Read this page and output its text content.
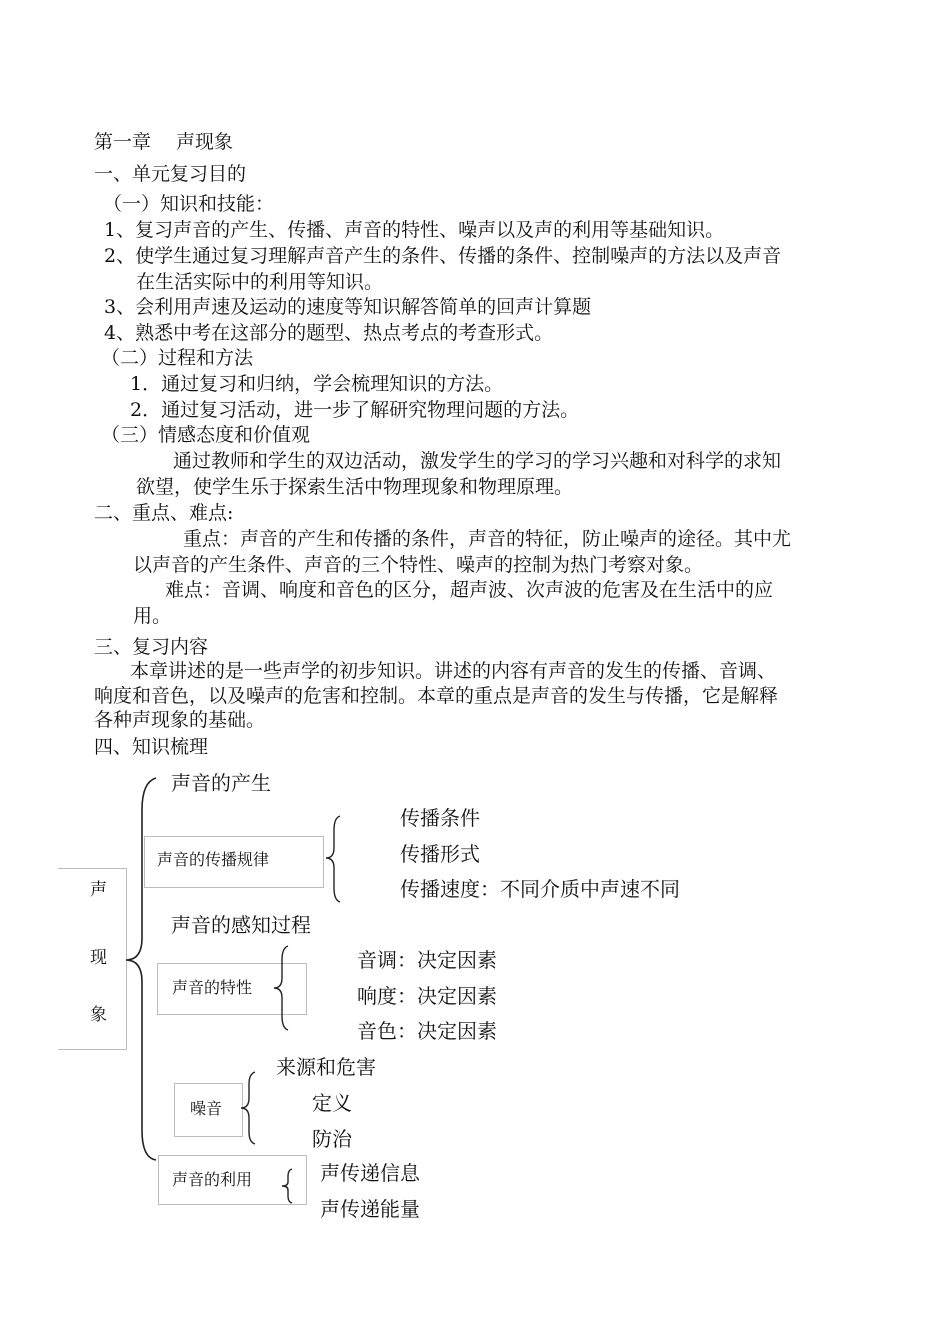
第一章　 声现象
一、单元复习目的
（一）知识和技能：
1、复习声音的产生、传播、声音的特性、噪声以及声的利用等基础知识。
2、使学生通过复习理解声音产生的条件、传播的条件、控制噪声的方法以及声音
在生活实际中的利用等知识。
3、会利用声速及运动的速度等知识解答简单的回声计算题
4、熟悉中考在这部分的题型、热点考点的考查形式。
（二）过程和方法
1．通过复习和归纳，学会梳理知识的方法。
2．通过复习活动，进一步了解研究物理问题的方法。
（三）情感态度和价值观
通过教师和学生的双边活动，激发学生的学习的学习兴趣和对科学的求知
欲望，使学生乐于探索生活中物理现象和物理原理。
二、重点、难点:
重点：声音的产生和传播的条件，声音的特征，防止噪声的途径。其中尤
以声音的产生条件、声音的三个特性、噪声的控制为热门考察对象。
难点：音调、响度和音色的区分，超声波、次声波的危害及在生活中的应
用。
三、复习内容
本章讲述的是一些声学的初步知识。讲述的内容有声音的发生的传播、音调、
响度和音色，以及噪声的危害和控制。本章的重点是声音的发生与传播，它是解释
各种声现象的基础。
四、知识梳理
声
现
象
声音的产生
声音的传播规律
传播条件
传播形式
传播速度：不同介质中声速不同
声音的感知过程
声音的特性
音调：决定因素
响度：决定因素
音色：决定因素
噪音
来源和危害
定义
防治
声音的利用	声传递信息
声传递能量
